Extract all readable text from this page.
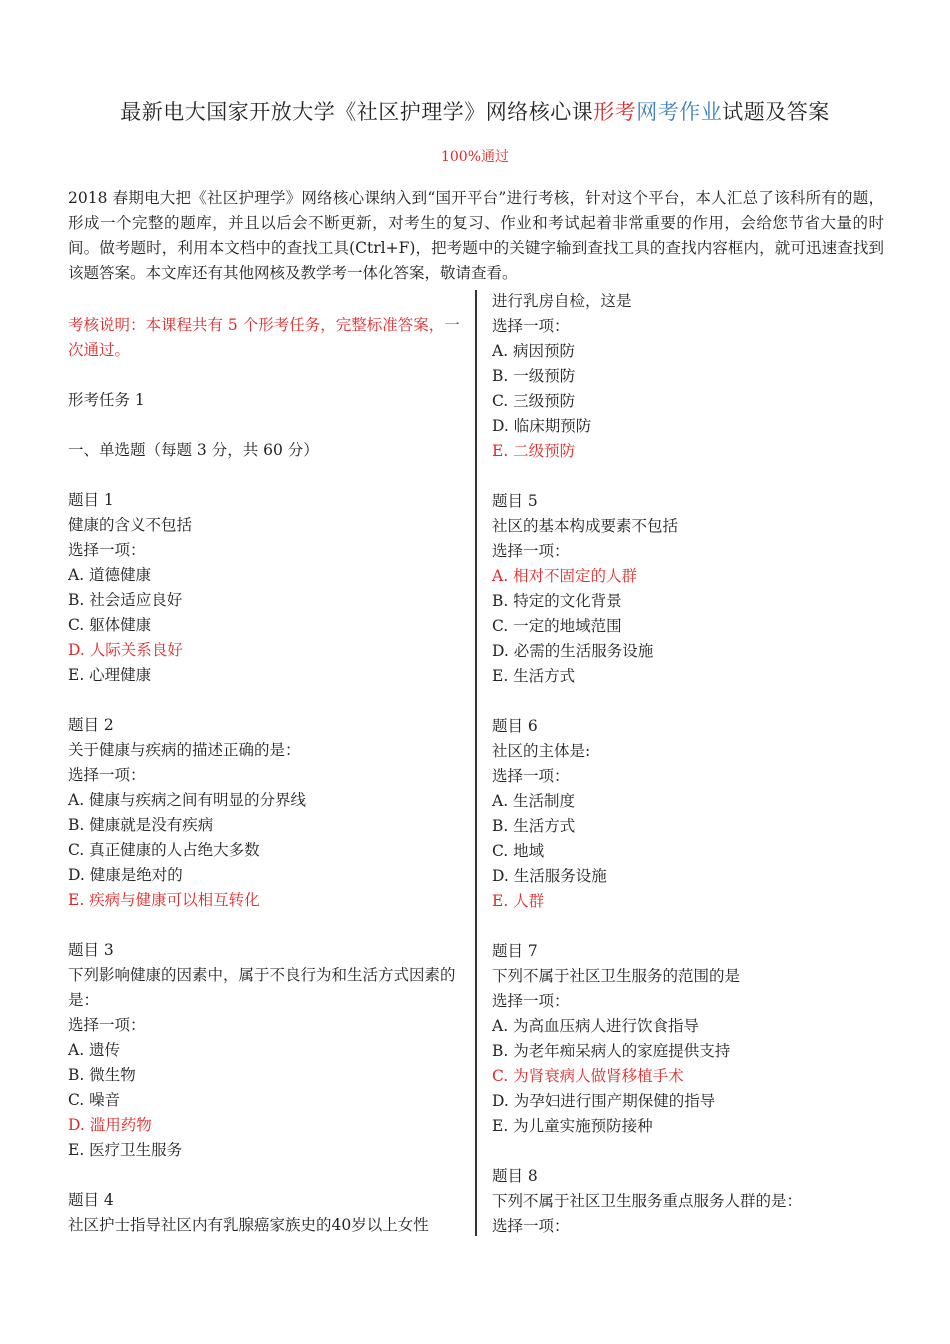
最新电大国家开放大学《社区护理学》网络核心课形考网考作业试题及答案
100%通过
2018 春期电大把《社区护理学》网络核心课纳入到“国开平台”进行考核，针对这个平台，本人汇总了该科所有的题，形成一个完整的题库，并且以后会不断更新，对考生的复习、作业和考试起着非常重要的作用，会给您节省大量的时间。做考题时，利用本文档中的查找工具(Ctrl+F)，把考题中的关键字输到查找工具的查找内容框内，就可迅速查找到该题答案。本文库还有其他网核及教学考一体化答案，敬请查看。
考核说明：本课程共有 5 个形考任务，完整标准答案，一次通过。
形考任务 1
一、单选题（每题 3 分，共 60 分）
题目 1
健康的含义不包括
选择一项：
A. 道德健康
B. 社会适应良好
C. 躯体健康
D. 人际关系良好
E. 心理健康
题目 2
关于健康与疾病的描述正确的是：
选择一项：
A. 健康与疾病之间有明显的分界线
B. 健康就是没有疾病
C. 真正健康的人占绝大多数
D. 健康是绝对的
E. 疾病与健康可以相互转化
题目 3
下列影响健康的因素中，属于不良行为和生活方式因素的是：
选择一项：
A. 遗传
B. 微生物
C. 噪音
D. 滥用药物
E. 医疗卫生服务
题目 4
社区护士指导社区内有乳腺癌家族史的40岁以上女性
进行乳房自检，这是
选择一项：
A. 病因预防
B. 一级预防
C. 三级预防
D. 临床期预防
E. 二级预防
题目 5
社区的基本构成要素不包括
选择一项：
A. 相对不固定的人群
B. 特定的文化背景
C. 一定的地域范围
D. 必需的生活服务设施
E. 生活方式
题目 6
社区的主体是:
选择一项：
A. 生活制度
B. 生活方式
C. 地域
D. 生活服务设施
E. 人群
题目 7
下列不属于社区卫生服务的范围的是
选择一项：
A. 为高血压病人进行饮食指导
B. 为老年痴呆病人的家庭提供支持
C. 为肾衰病人做肾移植手术
D. 为孕妇进行围产期保健的指导
E. 为儿童实施预防接种
题目 8
下列不属于社区卫生服务重点服务人群的是：
选择一项：
